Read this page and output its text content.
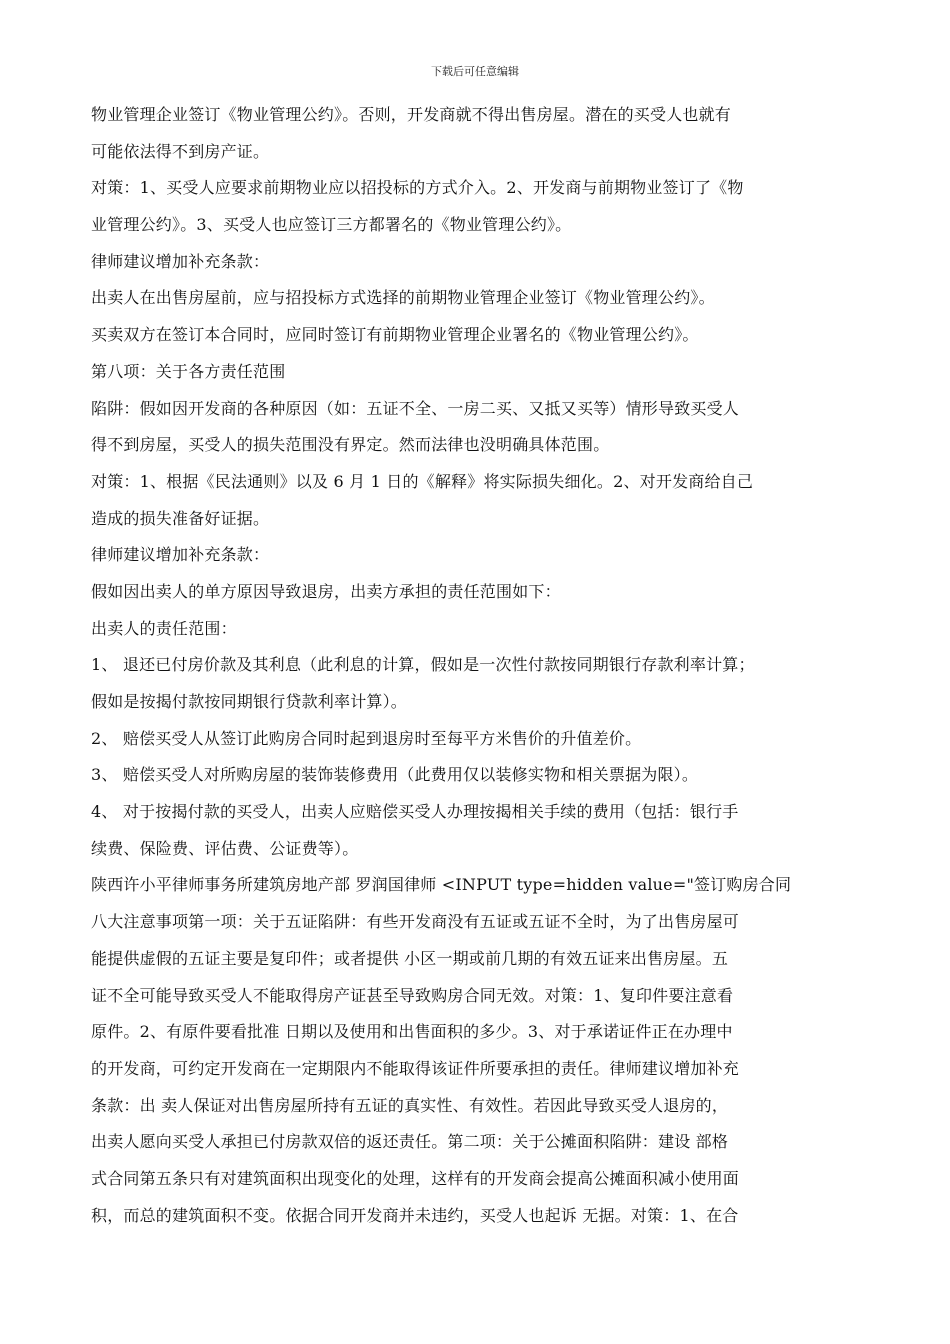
下载后可任意编辑
物业管理企业签订《物业管理公约》。否则，开发商就不得出售房屋。潜在的买受人也就有
可能依法得不到房产证。
对策：1、买受人应要求前期物业应以招投标的方式介入。2、开发商与前期物业签订了《物
业管理公约》。3、买受人也应签订三方都署名的《物业管理公约》。
律师建议增加补充条款：
出卖人在出售房屋前，应与招投标方式选择的前期物业管理企业签订《物业管理公约》。
买卖双方在签订本合同时，应同时签订有前期物业管理企业署名的《物业管理公约》。
第八项：关于各方责任范围
陷阱：假如因开发商的各种原因（如：五证不全、一房二买、又抵又买等）情形导致买受人
得不到房屋，买受人的损失范围没有界定。然而法律也没明确具体范围。
对策：1、根据《民法通则》以及 6 月 1 日的《解释》将实际损失细化。2、对开发商给自己
造成的损失准备好证据。
律师建议增加补充条款：
假如因出卖人的单方原因导致退房，出卖方承担的责任范围如下：
出卖人的责任范围：
1、 退还已付房价款及其利息（此利息的计算，假如是一次性付款按同期银行存款利率计算；
假如是按揭付款按同期银行贷款利率计算）。
2、 赔偿买受人从签订此购房合同时起到退房时至每平方米售价的升值差价。
3、 赔偿买受人对所购房屋的装饰装修费用（此费用仅以装修实物和相关票据为限）。
4、 对于按揭付款的买受人，出卖人应赔偿买受人办理按揭相关手续的费用（包括：银行手
续费、保险费、评估费、公证费等）。
陕西许小平律师事务所建筑房地产部 罗润国律师 <INPUT type=hidden value="签订购房合同
八大注意事项第一项：关于五证陷阱：有些开发商没有五证或五证不全时，为了出售房屋可
能提供虚假的五证主要是复印件；或者提供 小区一期或前几期的有效五证来出售房屋。五
证不全可能导致买受人不能取得房产证甚至导致购房合同无效。对策：1、复印件要注意看
原件。2、有原件要看批准 日期以及使用和出售面积的多少。3、对于承诺证件正在办理中
的开发商，可约定开发商在一定期限内不能取得该证件所要承担的责任。律师建议增加补充
条款：出 卖人保证对出售房屋所持有五证的真实性、有效性。若因此导致买受人退房的，
出卖人愿向买受人承担已付房款双倍的返还责任。第二项：关于公摊面积陷阱：建设 部格
式合同第五条只有对建筑面积出现变化的处理，这样有的开发商会提高公摊面积减小使用面
积，而总的建筑面积不变。依据合同开发商并未违约，买受人也起诉 无据。对策：1、在合
